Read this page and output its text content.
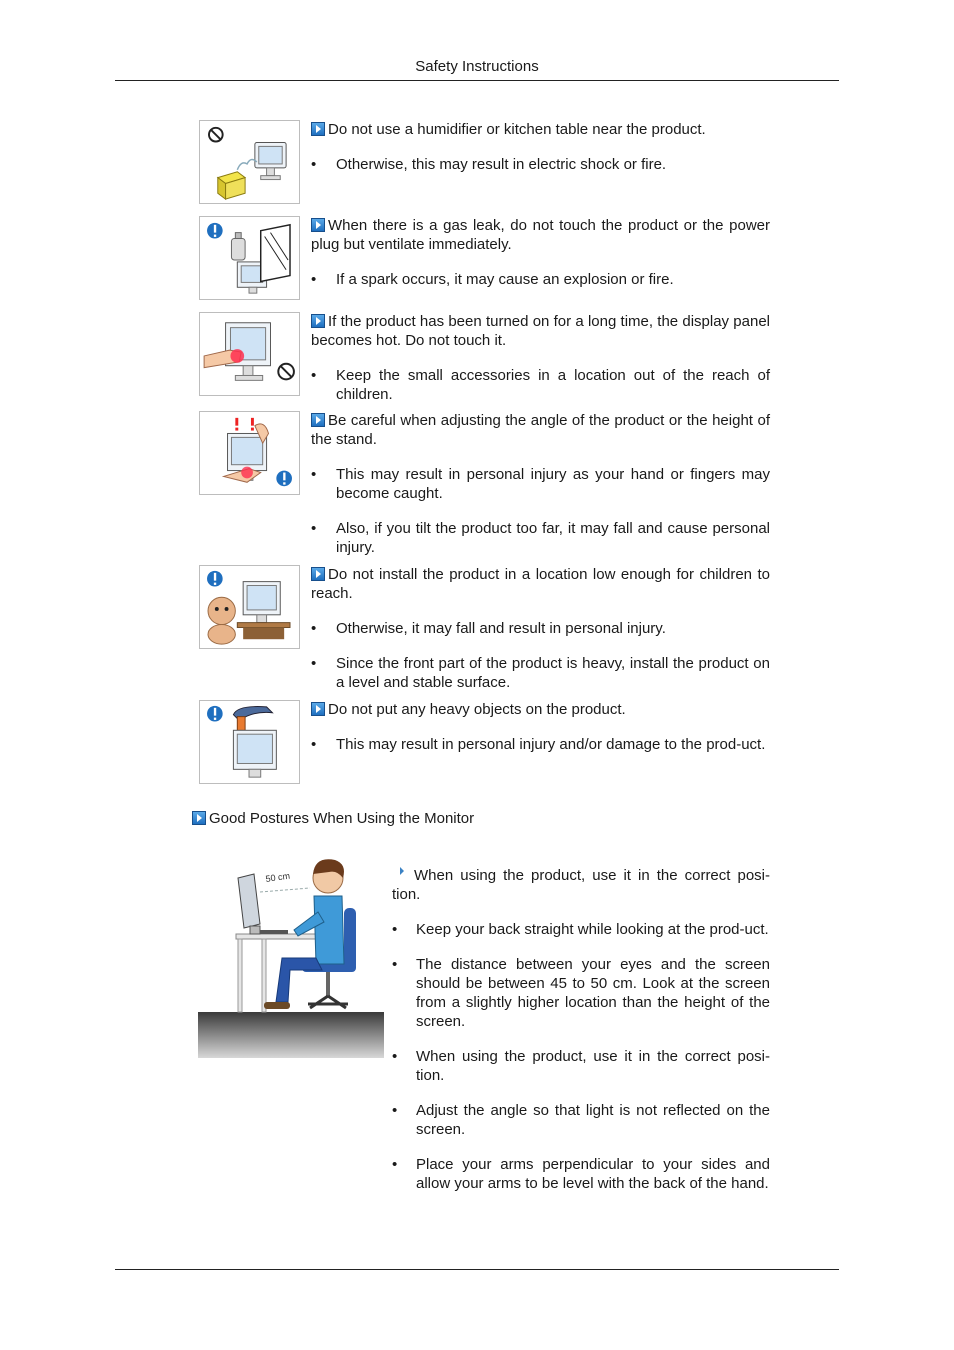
Safety Instructions

Do not use a humidifier or kitchen table near the product.

• Otherwise, this may result in electric shock or fire.

When there is a gas leak, do not touch the product or the power plug but ventilate immediately.

• If a spark occurs, it may cause an explosion or fire.

If the product has been turned on for a long time, the display panel becomes hot. Do not touch it.

• Keep the small accessories in a location out of the reach of children.

Be careful when adjusting the angle of the product or the height of the stand.

• This may result in personal injury as your hand or fingers may become caught.
• Also, if you tilt the product too far, it may fall and cause personal injury.

Do not install the product in a location low enough for children to reach.

• Otherwise, it may fall and result in personal injury.
• Since the front part of the product is heavy, install the product on a level and stable surface.

Do not put any heavy objects on the product.

• This may result in personal injury and/or damage to the prod-uct.
Good Postures When Using the Monitor
50 cm	When using the product, use it in the correct posi-tion.

• Keep your back straight while looking at the prod-uct.
• The distance between your eyes and the screen should be between 45 to 50 cm. Look at the screen from a slightly higher location than the height of the screen.
• When using the product, use it in the correct posi-tion.
• Adjust the angle so that light is not reflected on the screen.
• Place your arms perpendicular to your sides and allow your arms to be level with the back of the hand.
